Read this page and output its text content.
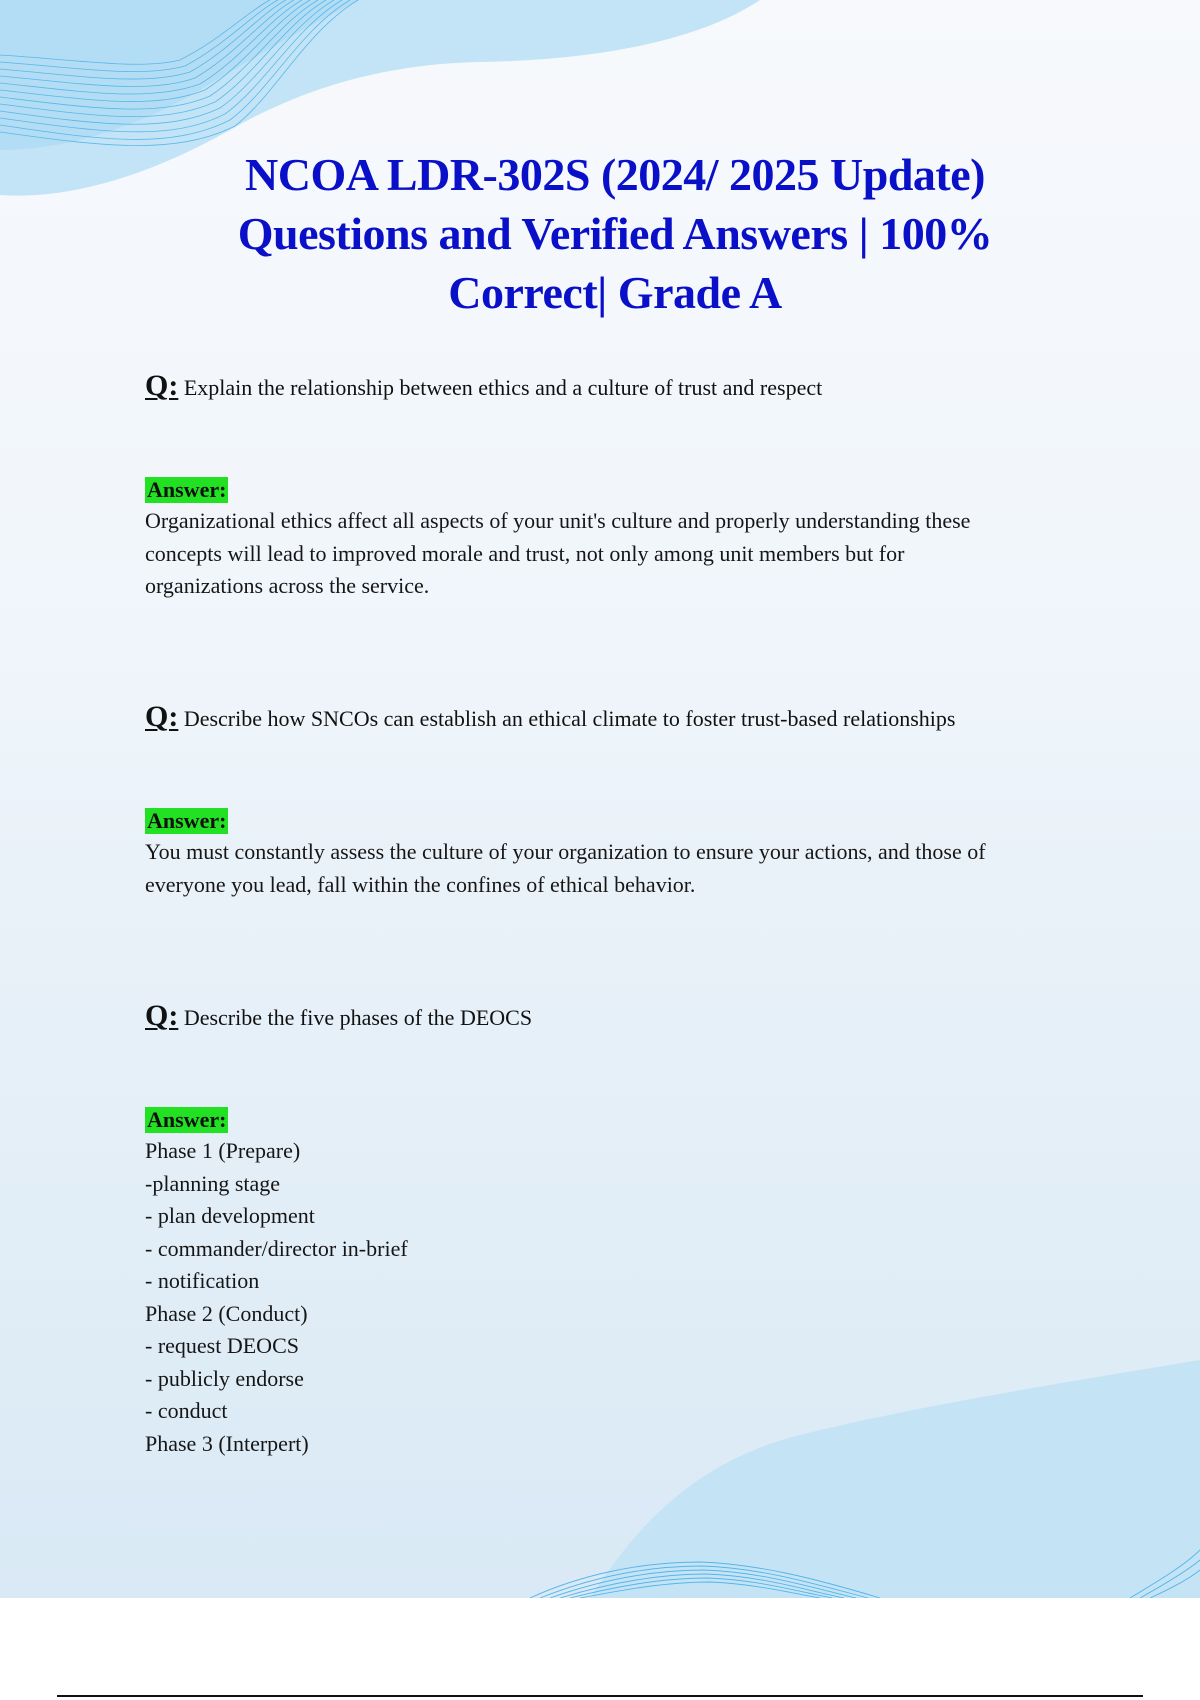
NCOA LDR-302S (2024/ 2025 Update)
Questions and Verified Answers | 100%
Correct| Grade A
Q: Explain the relationship between ethics and a culture of trust and respect
Answer:
Organizational ethics affect all aspects of your unit's culture and properly understanding these
concepts will lead to improved morale and trust, not only among unit members but for
organizations across the service.
Q: Describe how SNCOs can establish an ethical climate to foster trust-based relationships
Answer:
You must constantly assess the culture of your organization to ensure your actions, and those of
everyone you lead, fall within the confines of ethical behavior.
Q: Describe the five phases of the DEOCS
Answer:
Phase 1 (Prepare)
-planning stage
- plan development
- commander/director in-brief
- notification
Phase 2 (Conduct)
- request DEOCS
- publicly endorse
- conduct
Phase 3 (Interpert)
